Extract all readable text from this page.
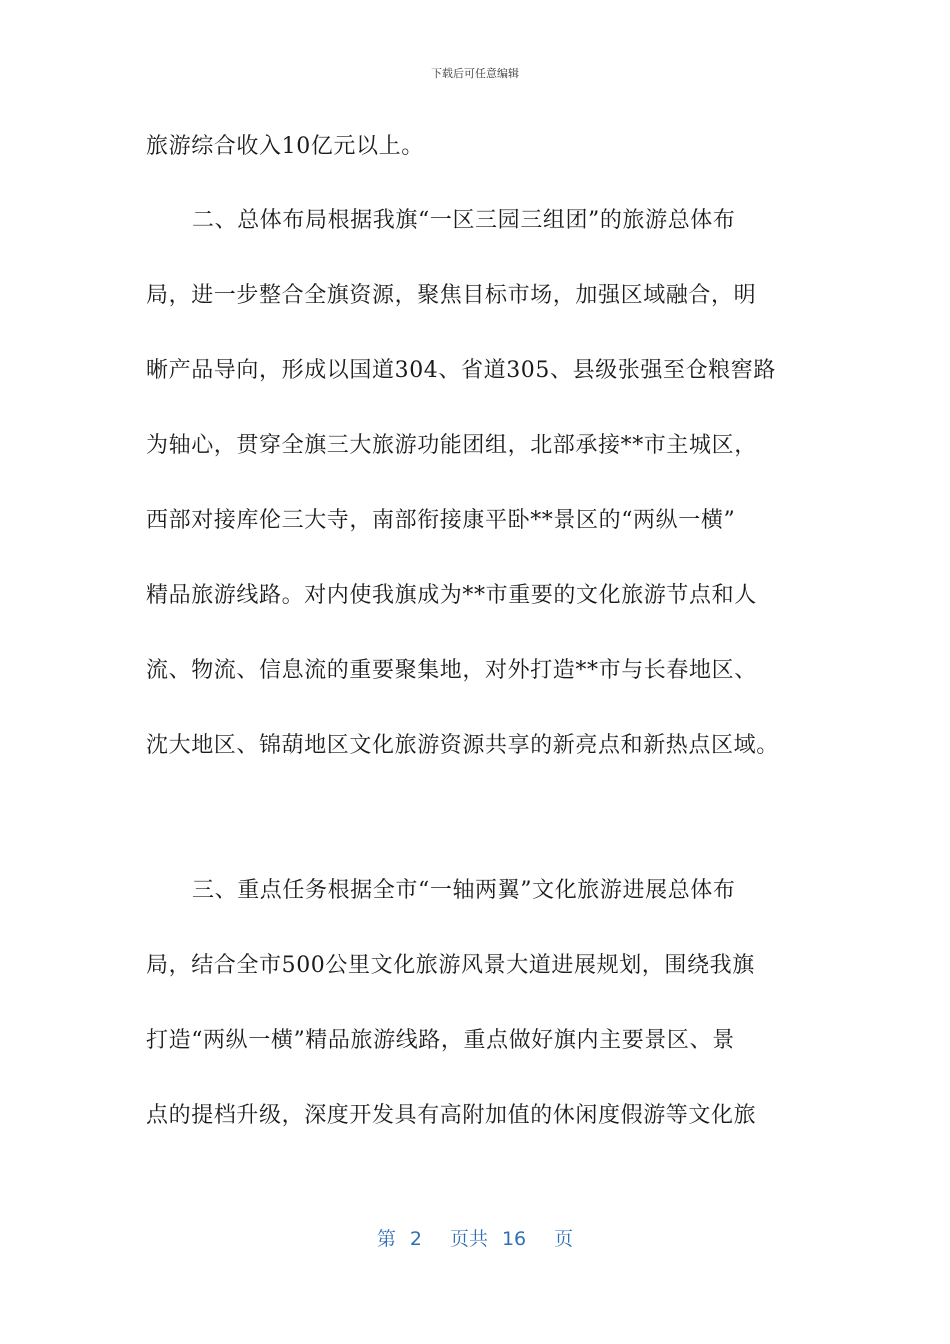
下载后可任意编辑
旅游综合收入10亿元以上。
二、总体布局根据我旗“一区三园三组团”的旅游总体布
局，进一步整合全旗资源，聚焦目标市场，加强区域融合，明
晰产品导向，形成以国道304、省道305、县级张强至仓粮窖路
为轴心，贯穿全旗三大旅游功能团组，北部承接**市主城区，
西部对接库伦三大寺，南部衔接康平卧**景区的“两纵一横”
精品旅游线路。对内使我旗成为**市重要的文化旅游节点和人
流、物流、信息流的重要聚集地，对外打造**市与长春地区、
沈大地区、锦葫地区文化旅游资源共享的新亮点和新热点区域。
三、重点任务根据全市“一轴两翼”文化旅游进展总体布
局，结合全市500公里文化旅游风景大道进展规划，围绕我旗
打造“两纵一横”精品旅游线路，重点做好旗内主要景区、景
点的提档升级，深度开发具有高附加值的休闲度假游等文化旅
第 2 页共 16 页
